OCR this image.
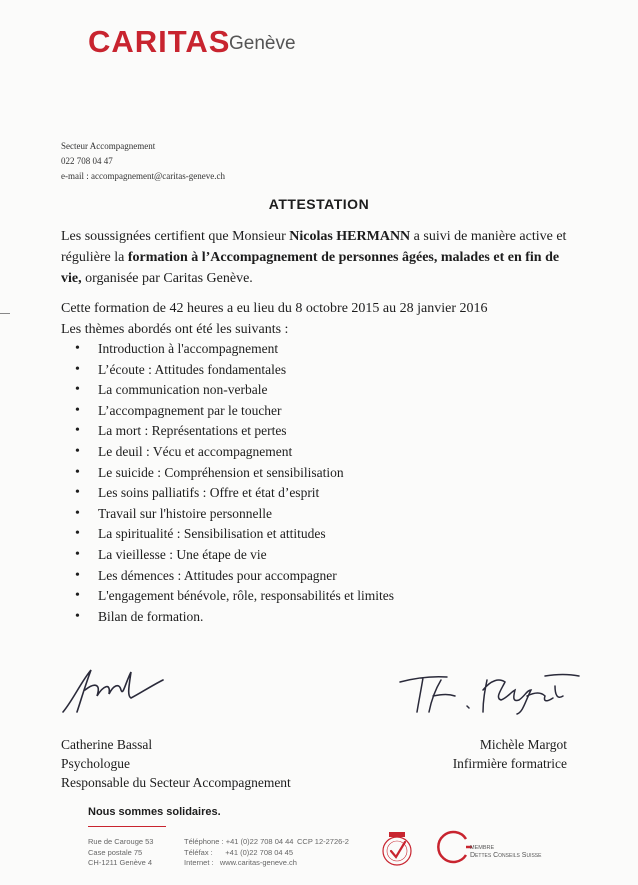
CARITAS
Genève
Secteur Accompagnement
022 708 04 47
e-mail : accompagnement@caritas-geneve.ch
ATTESTATION
Les soussignées certifient que Monsieur Nicolas HERMANN a suivi de manière active et régulière la formation à l’Accompagnement de personnes âgées, malades et en fin de vie, organisée par Caritas Genève.
Cette formation de 42 heures a eu lieu du 8 octobre 2015 au 28 janvier 2016
Les thèmes abordés ont été les suivants :
• Introduction à l'accompagnement
• L’écoute : Attitudes fondamentales
• La communication non-verbale
• L’accompagnement par le toucher
• La mort : Représentations et pertes
• Le deuil : Vécu et accompagnement
• Le suicide : Compréhension et sensibilisation
• Les soins palliatifs : Offre et état d’esprit
• Travail sur l'histoire personnelle
• La spiritualité : Sensibilisation et attitudes
• La vieillesse : Une étape de vie
• Les démences : Attitudes pour accompagner
• L'engagement bénévole, rôle, responsabilités et limites
• Bilan de formation.
Catherine Bassal
Psychologue
Responsable du Secteur Accompagnement
Michèle Margot
Infirmière formatrice
Nous sommes solidaires.
Rue de Carouge 53
Case postale 75
CH-1211 Genève 4
Téléphone : +41 (0)22 708 04 44
Téléfax :      +41 (0)22 708 04 45
Internet :   www.caritas-geneve.ch
CCP 12-2726-2
MEMBRE
Dettes Conseils Suisse
